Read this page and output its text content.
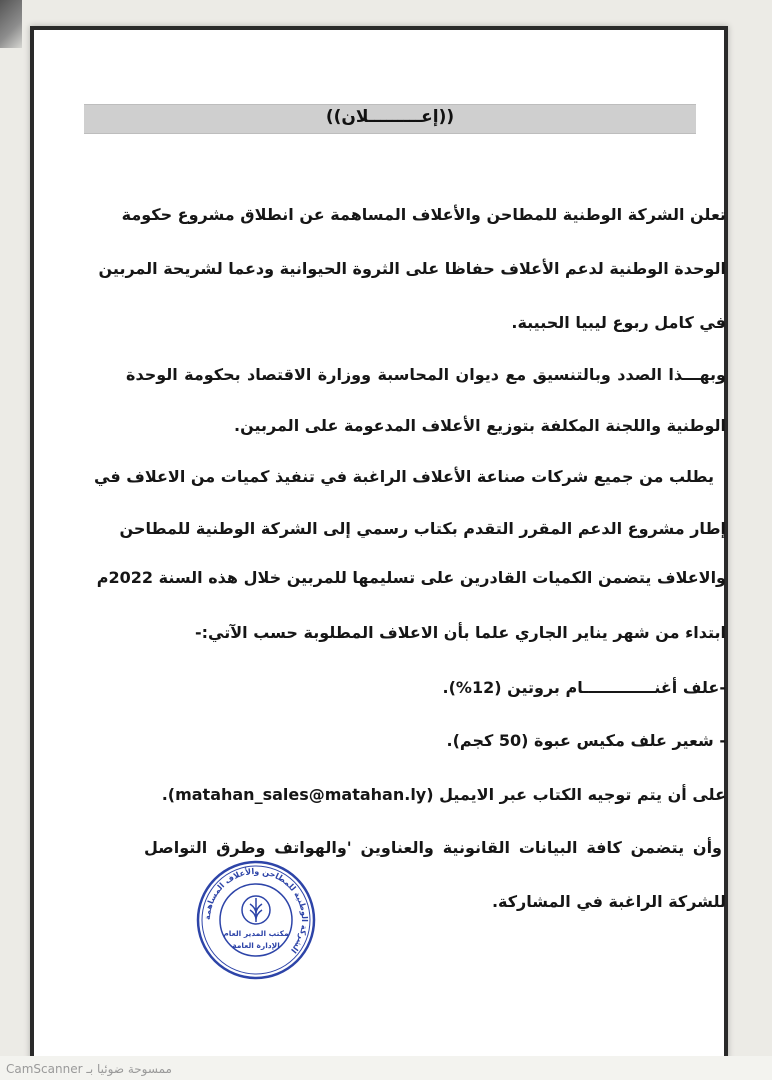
((إعـــــــــلان))
تعلن الشركة الوطنية للمطاحن والأعلاف المساهمة عن انطلاق مشروع حكومة
الوحدة الوطنية لدعم الأعلاف حفاظا على الثروة الحيوانية ودعما لشريحة المربين
في كامل ربوع ليبيا الحبيبة.
وبهـــذا الصدد وبالتنسيق مع ديوان المحاسبة ووزارة الاقتصاد بحكومة الوحدة
الوطنية واللجنة المكلفة بتوزيع الأعلاف المدعومة على المربين.
يطلب من جميع شركات صناعة الأعلاف الراغبة في تنفيذ كميات من الاعلاف في
إطار مشروع الدعم المقرر التقدم بكتاب رسمي إلى الشركة الوطنية للمطاحن
والاعلاف يتضمن الكميات القادرين على تسليمها للمربين خلال هذه السنة 2022م
ابتداء من شهر يناير الجاري علما بأن الاعلاف المطلوبة حسب الآتي:-
-علف أغنـــــــــــــام بروتين (12%).
- شعير علف مكيس عبوة (50 كجم).
على أن يتم توجيه الكتاب عبر الايميل (matahan_sales@matahan.ly).
وأن يتضمن كافة البيانات القانونية والعناوين 'والهواتف وطرق التواصل
للشركة الراغبة في المشاركة.
الشركة الوطنية للمطاحن والأعلاف المساهمة
مكتب المدير العام
الإدارة العامة
CamScanner ممسوحة ضوئيا بـ
